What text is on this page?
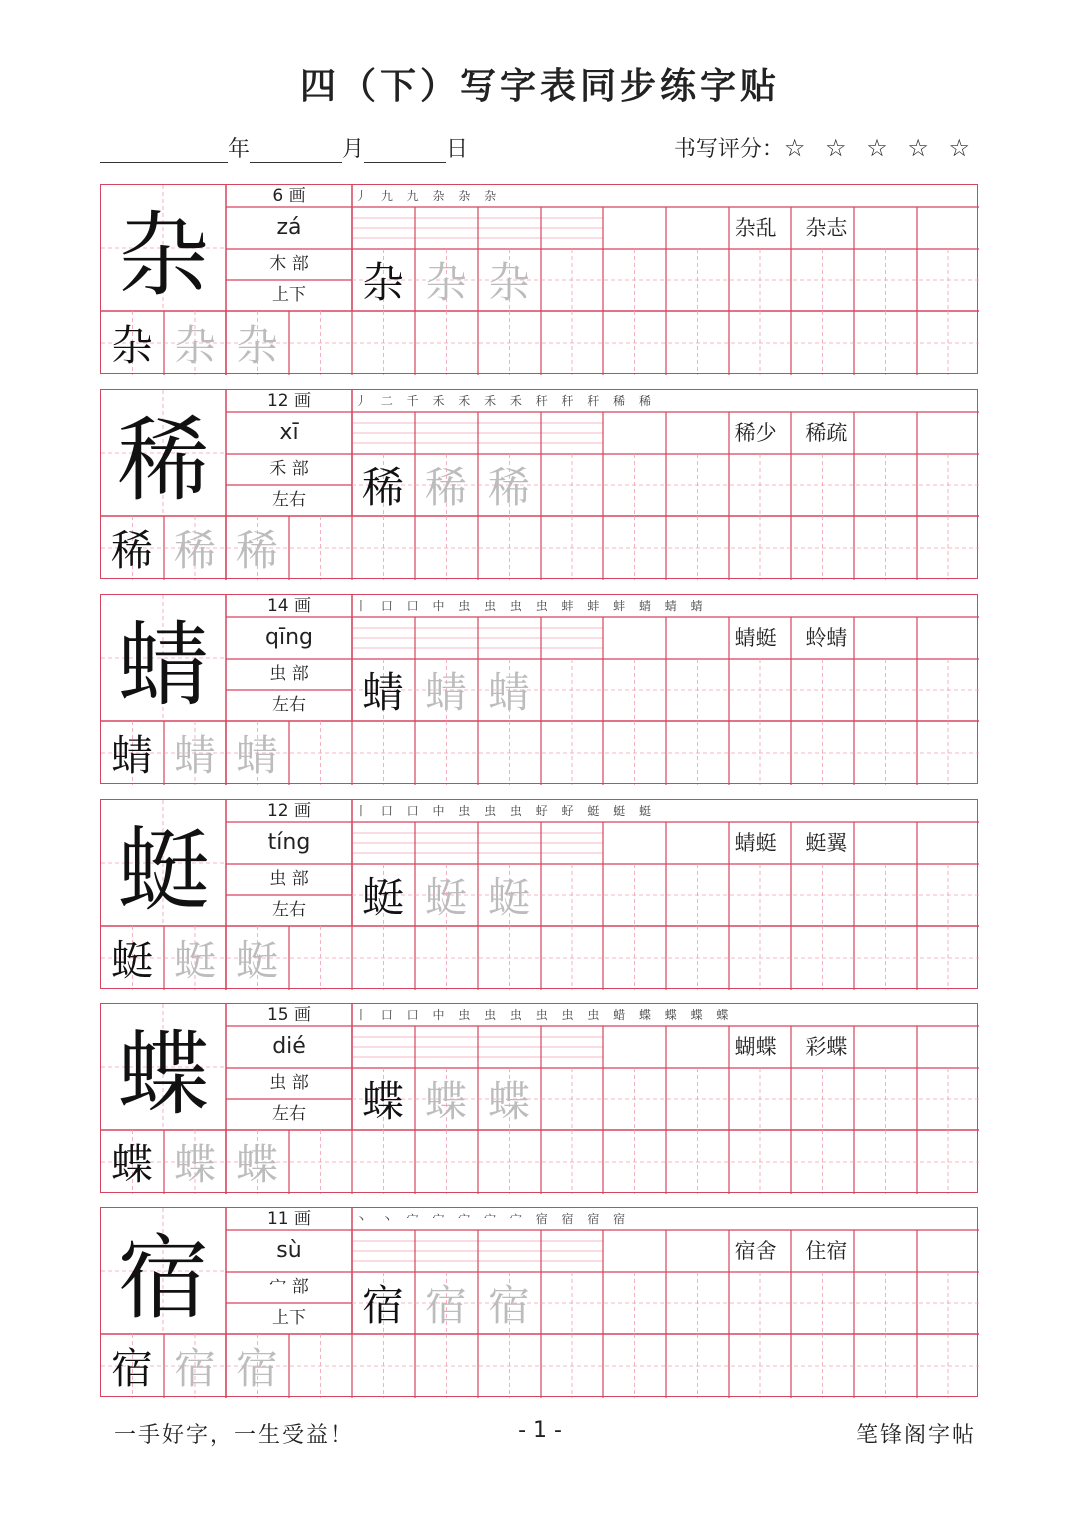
四（下）写字表同步练字贴
年	月	日	书写评分：☆ ☆ ☆ ☆ ☆
杂
6 画
zá
木 部
上下
丿 九 九 杂 杂 杂
杂乱 杂志
杂 杂 杂
杂 杂 杂
稀
12 画
xī
禾 部
左右
丿 二 千 禾 禾 禾 禾 秆 秆 秆 稀 稀
稀少 稀疏
稀 稀 稀
稀 稀 稀
蜻
14 画
qīng
虫 部
左右
丨 口 口 中 虫 虫 虫 虫 蚌 蚌 蚌 蜻 蜻 蜻
蜻蜓 蛉蜻
蜻 蜻 蜻
蜻 蜻 蜻
蜓
12 画
tíng
虫 部
左右
丨 口 口 中 虫 虫 虫 虸 虸 蜓 蜓 蜓
蜻蜓 蜓翼
蜓 蜓 蜓
蜓 蜓 蜓
蝶
15 画
dié
虫 部
左右
丨 口 口 中 虫 虫 虫 虫 虫 虫 蜡 蝶 蝶 蝶 蝶
蝴蝶 彩蝶
蝶 蝶 蝶
蝶 蝶 蝶
宿
11 画
sù
宀 部
上下
丶 丶 宀 宀 宀 宀 宀 宿 宿 宿 宿
宿舍 住宿
宿 宿 宿
宿 宿 宿
一手好字，一生受益！	- 1 -	笔锋阁字帖
